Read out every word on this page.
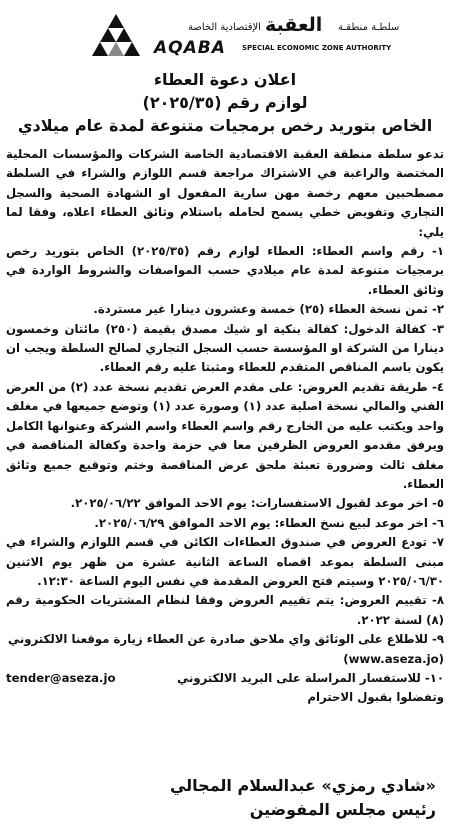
الإقتصادية الخاصة العقبة سلطـة منطقـة
AQABA SPECIAL ECONOMIC ZONE AUTHORITY
اعلان دعوة العطاء
لوازم رقم (٢٠٢٥/٣٥)
الخاص بتوريد رخص برمجيات متنوعة لمدة عام ميلادي

تدعو سلطة منطقة العقبة الاقتصادية الخاصة الشركات والمؤسسات المحلية المختصة والراغبة في الاشتراك مراجعة قسم اللوازم والشراء في السلطة مصطحبين معهم رخصة مهن سارية المفعول او الشهادة الصحية والسجل التجاري وتفويض خطي يسمح لحامله باستلام وثائق العطاء اعلاه، وفقا لما يلي:

١- رقم واسم العطاء: العطاء لوازم رقم (٢٠٢٥/٣٥) الخاص بتوريد رخص برمجيات متنوعة لمدة عام ميلادي حسب المواصفات والشروط الواردة في وثائق العطاء.

٢- ثمن نسخة العطاء (٢٥) خمسة وعشرون دينارا غير مستردة.

٣- كفالة الدخول: كفالة بنكية او شيك مصدق بقيمة (٢٥٠) مائتان وخمسون دينارا من الشركة او المؤسسة حسب السجل التجاري لصالح السلطة ويجب ان يكون باسم المناقص المتقدم للعطاء ومثبتا عليه رقم العطاء.

٤- طريقة تقديم العروض: على مقدم العرض تقديم نسخة عدد (٢) من العرض الفني والمالي نسخة اصلية عدد (١) وصورة عدد (١) وتوضع جميعها في مغلف واحد ويكتب عليه من الخارج رقم واسم العطاء واسم الشركة وعنوانها الكامل ويرفق مقدمو العروض الظرفين معا في حزمة واحدة وكفالة المناقصة في مغلف ثالث وضرورة تعبئة ملحق عرض المناقصة وختم وتوقيع جميع وثائق العطاء.

٥- اخر موعد لقبول الاستفسارات: يوم الاحد الموافق ٢٠٢٥/٠٦/٢٢.

٦- اخر موعد لبيع نسخ العطاء: يوم الاحد الموافق ٢٠٢٥/٠٦/٢٩.

٧- تودع العروض في صندوق العطاءات الكائن في قسم اللوازم والشراء في مبنى السلطة بموعد اقصاه الساعة الثانية عشرة من ظهر يوم الاثنين ٢٠٢٥/٠٦/٣٠ وسيتم فتح العروض المقدمة في نفس اليوم الساعة ١٢:٣٠.

٨- تقييم العروض: يتم تقييم العروض وفقا لنظام المشتريات الحكومية رقم (٨) لسنة ٢٠٢٢.

٩- للاطلاع على الوثائق واي ملاحق صادرة عن العطاء زيارة موقعنا الالكتروني

(www.aseza.jo)

١٠- للاستفسار المراسلة على البريد الالكتروني
tender@aseza.jo

وتفضلوا بقبول الاحترام

«شادي رمزي» عبدالسلام المجالي
رئيس مجلس المفوضين
